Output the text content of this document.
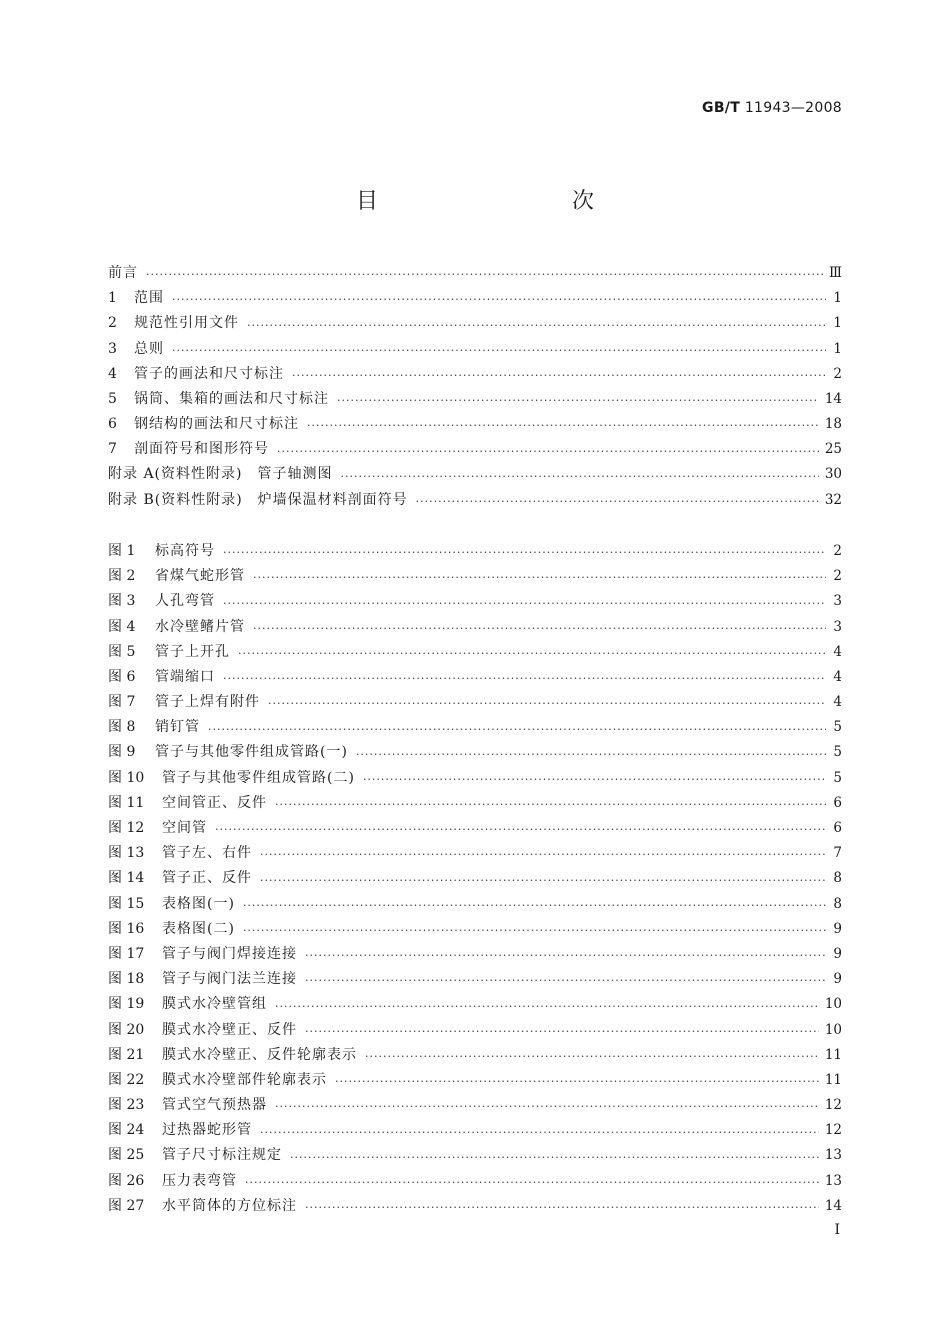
GB/T 11943—2008
目　　次
前言 ·····	Ⅲ
1	范围 ·····	1
2	规范性引用文件 ·····	1
3	总则 ·····	1
4	管子的画法和尺寸标注 ·····	2
5	锅筒、集箱的画法和尺寸标注 ·····	14
6	钢结构的画法和尺寸标注 ·····	18
7	剖面符号和图形符号 ·····	25
附录 A(资料性附录)　管子轴测图 ·····	30
附录 B(资料性附录)　炉墙保温材料剖面符号 ·····	32
图 1	标高符号 ·····	2
图 2	省煤气蛇形管 ·····	2
图 3	人孔弯管 ·····	3
图 4	水冷壁鳍片管 ·····	3
图 5	管子上开孔 ·····	4
图 6	管端缩口 ·····	4
图 7	管子上焊有附件 ·····	4
图 8	销钉管 ·····	5
图 9	管子与其他零件组成管路(一) ·····	5
图 10	管子与其他零件组成管路(二) ·····	5
图 11	空间管正、反件 ·····	6
图 12	空间管 ·····	6
图 13	管子左、右件 ·····	7
图 14	管子正、反件 ·····	8
图 15	表格图(一) ·····	8
图 16	表格图(二) ·····	9
图 17	管子与阀门焊接连接 ·····	9
图 18	管子与阀门法兰连接 ·····	9
图 19	膜式水冷壁管组 ·····	10
图 20	膜式水冷壁正、反件 ·····	10
图 21	膜式水冷壁正、反件轮廓表示 ·····	11
图 22	膜式水冷壁部件轮廓表示 ·····	11
图 23	管式空气预热器 ·····	12
图 24	过热器蛇形管 ·····	12
图 25	管子尺寸标注规定 ·····	13
图 26	压力表弯管 ·····	13
图 27	水平筒体的方位标注 ·····	14
Ⅰ
